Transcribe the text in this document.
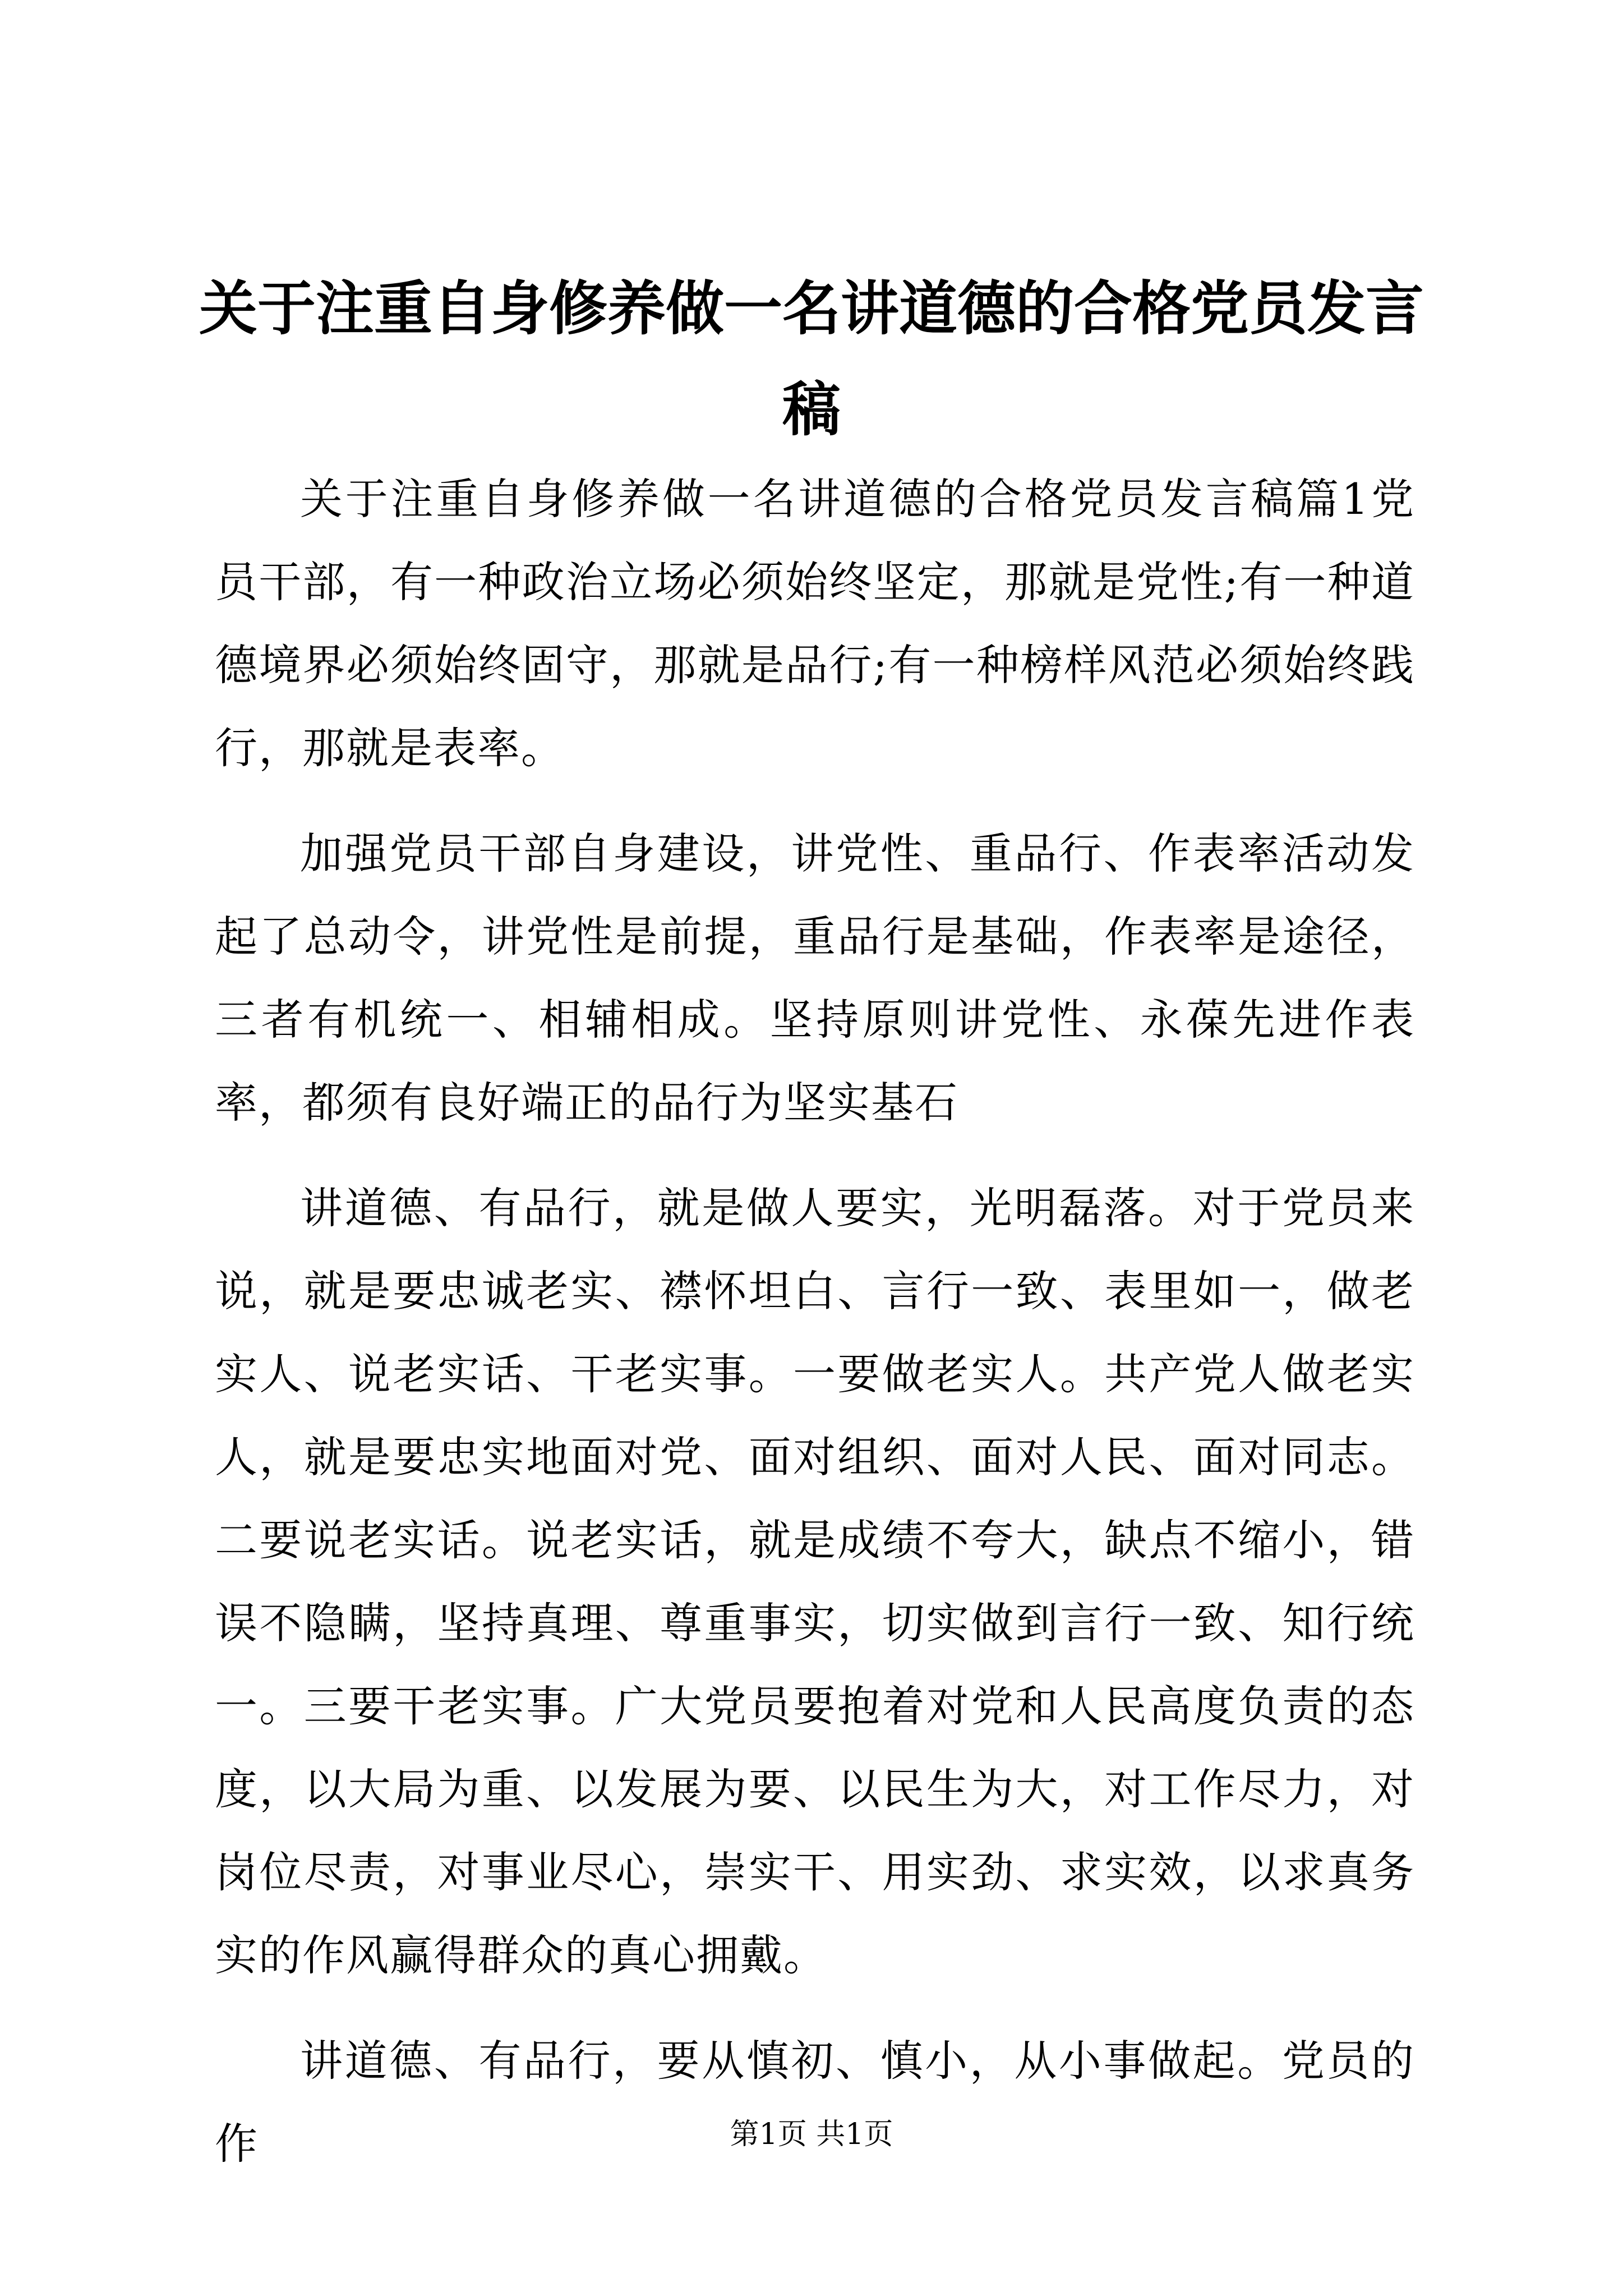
关于注重自身修养做一名讲道德的合格党员发言稿

关于注重自身修养做一名讲道德的合格党员发言稿篇1党员干部，有一种政治立场必须始终坚定，那就是党性;有一种道德境界必须始终固守，那就是品行;有一种榜样风范必须始终践行，那就是表率。

加强党员干部自身建设，讲党性、重品行、作表率活动发起了总动令，讲党性是前提，重品行是基础，作表率是途径，三者有机统一、相辅相成。坚持原则讲党性、永葆先进作表率，都须有良好端正的品行为坚实基石

讲道德、有品行，就是做人要实，光明磊落。对于党员来说，就是要忠诚老实、襟怀坦白、言行一致、表里如一，做老实人、说老实话、干老实事。一要做老实人。共产党人做老实人，就是要忠实地面对党、面对组织、面对人民、面对同志。二要说老实话。说老实话，就是成绩不夸大，缺点不缩小，错误不隐瞒，坚持真理、尊重事实，切实做到言行一致、知行统一。三要干老实事。广大党员要抱着对党和人民高度负责的态度，以大局为重、以发展为要、以民生为大，对工作尽力，对岗位尽责，对事业尽心，崇实干、用实劲、求实效，以求真务实的作风赢得群众的真心拥戴。

讲道德、有品行，要从慎初、慎小，从小事做起。党员的作	第1页 共1页
